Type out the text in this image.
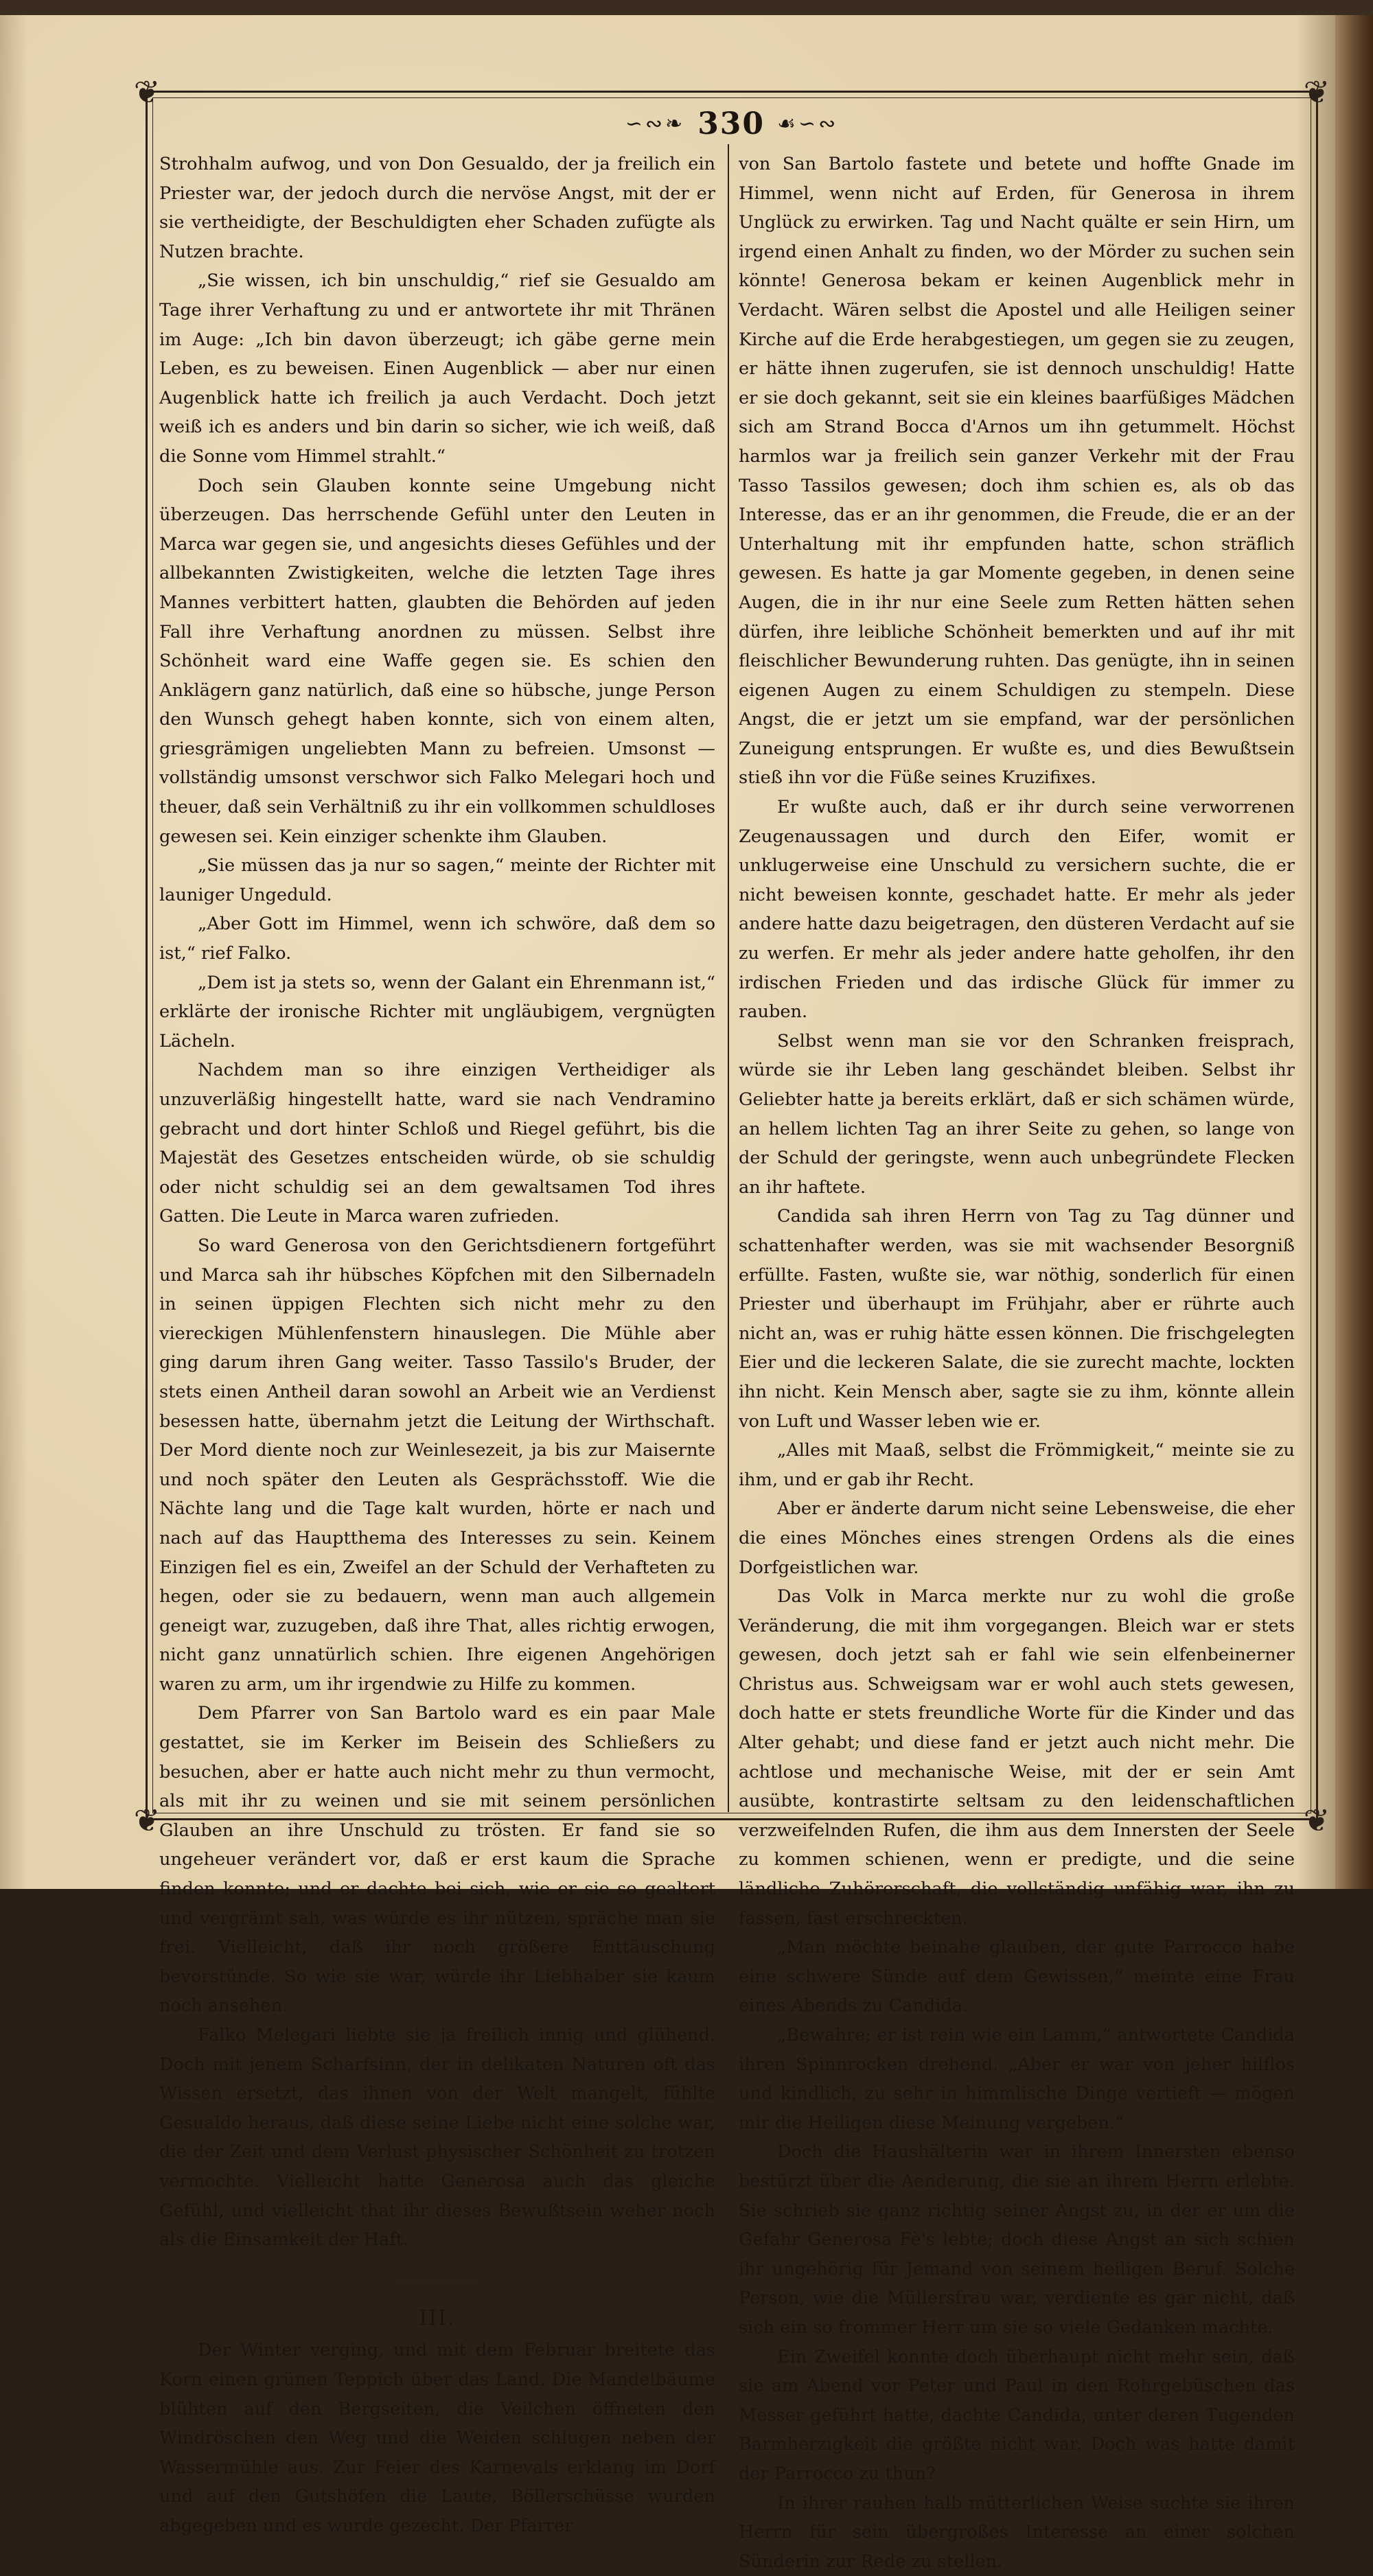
❦	❦
❦	❦
∽∾❧ 330 ☙∽∾

Strohhalm aufwog, und von Don Gesualdo, der ja freilich ein Priester war, der jedoch durch die nervöse Angst, mit der er sie vertheidigte, der Beschuldigten eher Schaden zufügte als Nutzen brachte.

„Sie wissen, ich bin unschuldig,“ rief sie Gesualdo am Tage ihrer Verhaftung zu und er antwortete ihr mit Thränen im Auge: „Ich bin davon überzeugt; ich gäbe gerne mein Leben, es zu beweisen. Einen Augenblick — aber nur einen Augenblick hatte ich freilich ja auch Verdacht. Doch jetzt weiß ich es anders und bin darin so sicher, wie ich weiß, daß die Sonne vom Himmel strahlt.“

Doch sein Glauben konnte seine Umgebung nicht überzeugen. Das herrschende Gefühl unter den Leuten in Marca war gegen sie, und angesichts dieses Gefühles und der allbekannten Zwistigkeiten, welche die letzten Tage ihres Mannes verbittert hatten, glaubten die Behörden auf jeden Fall ihre Verhaftung anordnen zu müssen. Selbst ihre Schönheit ward eine Waffe gegen sie. Es schien den Anklägern ganz natürlich, daß eine so hübsche, junge Person den Wunsch gehegt haben konnte, sich von einem alten, griesgrämigen ungeliebten Mann zu befreien. Umsonst — vollständig umsonst verschwor sich Falko Melegari hoch und theuer, daß sein Verhältniß zu ihr ein vollkommen schuldloses gewesen sei. Kein einziger schenkte ihm Glauben.

„Sie müssen das ja nur so sagen,“ meinte der Richter mit launiger Ungeduld.

„Aber Gott im Himmel, wenn ich schwöre, daß dem so ist,“ rief Falko.

„Dem ist ja stets so, wenn der Galant ein Ehrenmann ist,“ erklärte der ironische Richter mit ungläubigem, vergnügten Lächeln.

Nachdem man so ihre einzigen Vertheidiger als unzuverläßig hingestellt hatte, ward sie nach Vendramino gebracht und dort hinter Schloß und Riegel geführt, bis die Majestät des Gesetzes entscheiden würde, ob sie schuldig oder nicht schuldig sei an dem gewaltsamen Tod ihres Gatten. Die Leute in Marca waren zufrieden.

So ward Generosa von den Gerichtsdienern fortgeführt und Marca sah ihr hübsches Köpfchen mit den Silbernadeln in seinen üppigen Flechten sich nicht mehr zu den viereckigen Mühlenfenstern hinauslegen. Die Mühle aber ging darum ihren Gang weiter. Tasso Tassilo's Bruder, der stets einen Antheil daran sowohl an Arbeit wie an Verdienst besessen hatte, übernahm jetzt die Leitung der Wirthschaft. Der Mord diente noch zur Weinlesezeit, ja bis zur Maisernte und noch später den Leuten als Gesprächsstoff. Wie die Nächte lang und die Tage kalt wurden, hörte er nach und nach auf das Hauptthema des Interesses zu sein. Keinem Einzigen fiel es ein, Zweifel an der Schuld der Verhafteten zu hegen, oder sie zu bedauern, wenn man auch allgemein geneigt war, zuzugeben, daß ihre That, alles richtig erwogen, nicht ganz unnatürlich schien. Ihre eigenen Angehörigen waren zu arm, um ihr irgendwie zu Hilfe zu kommen.

Dem Pfarrer von San Bartolo ward es ein paar Male gestattet, sie im Kerker im Beisein des Schließers zu besuchen, aber er hatte auch nicht mehr zu thun vermocht, als mit ihr zu weinen und sie mit seinem persönlichen Glauben an ihre Unschuld zu trösten. Er fand sie so ungeheuer verändert vor, daß er erst kaum die Sprache finden konnte; und er dachte bei sich, wie er sie so gealtert und vergrämt sah, was würde es ihr nützen, spräche man sie frei. Vielleicht, daß ihr noch größere Enttäuschung bevorstünde. So wie sie war, würde ihr Liebhaber sie kaum noch ansehen.

Falko Melegari liebte sie ja freilich innig und glühend. Doch mit jenem Scharfsinn, der in delikaten Naturen oft das Wissen ersetzt, das ihnen von der Welt mangelt, fühlte Gesualdo heraus, daß diese seine Liebe nicht eine solche war, die der Zeit und dem Verlust physischer Schönheit zu trotzen vermochte. Vielleicht hatte Generosa auch das gleiche Gefühl, und vielleicht that ihr dieses Bewußtsein weher noch als die Einsamkeit der Haft.

III.

Der Winter verging, und mit dem Februar breitete das Korn einen grünen Teppich über das Land. Die Mandelbäume blühten auf den Bergseiten, die Veilchen öffneten den Windröschen den Weg und die Weiden schlugen neben der Wassermühle aus. Zur Feier des Karnevals erklang im Dorf und auf den Gutshöfen die Laute, Böllerschüsse wurden abgegeben und es wurde gezecht. Der Pfarrer

von San Bartolo fastete und betete und hoffte Gnade im Himmel, wenn nicht auf Erden, für Generosa in ihrem Unglück zu erwirken. Tag und Nacht quälte er sein Hirn, um irgend einen Anhalt zu finden, wo der Mörder zu suchen sein könnte! Generosa bekam er keinen Augenblick mehr in Verdacht. Wären selbst die Apostel und alle Heiligen seiner Kirche auf die Erde herabgestiegen, um gegen sie zu zeugen, er hätte ihnen zugerufen, sie ist dennoch unschuldig! Hatte er sie doch gekannt, seit sie ein kleines baarfüßiges Mädchen sich am Strand Bocca d'Arnos um ihn getummelt. Höchst harmlos war ja freilich sein ganzer Verkehr mit der Frau Tasso Tassilos gewesen; doch ihm schien es, als ob das Interesse, das er an ihr genommen, die Freude, die er an der Unterhaltung mit ihr empfunden hatte, schon sträflich gewesen. Es hatte ja gar Momente gegeben, in denen seine Augen, die in ihr nur eine Seele zum Retten hätten sehen dürfen, ihre leibliche Schönheit bemerkten und auf ihr mit fleischlicher Bewunderung ruhten. Das genügte, ihn in seinen eigenen Augen zu einem Schuldigen zu stempeln. Diese Angst, die er jetzt um sie empfand, war der persönlichen Zuneigung entsprungen. Er wußte es, und dies Bewußtsein stieß ihn vor die Füße seines Kruzifixes.

Er wußte auch, daß er ihr durch seine verworrenen Zeugenaussagen und durch den Eifer, womit er unklugerweise eine Unschuld zu versichern suchte, die er nicht beweisen konnte, geschadet hatte. Er mehr als jeder andere hatte dazu beigetragen, den düsteren Verdacht auf sie zu werfen. Er mehr als jeder andere hatte geholfen, ihr den irdischen Frieden und das irdische Glück für immer zu rauben.

Selbst wenn man sie vor den Schranken freisprach, würde sie ihr Leben lang geschändet bleiben. Selbst ihr Geliebter hatte ja bereits erklärt, daß er sich schämen würde, an hellem lichten Tag an ihrer Seite zu gehen, so lange von der Schuld der geringste, wenn auch unbegründete Flecken an ihr haftete.

Candida sah ihren Herrn von Tag zu Tag dünner und schattenhafter werden, was sie mit wachsender Besorgniß erfüllte. Fasten, wußte sie, war nöthig, sonderlich für einen Priester und überhaupt im Frühjahr, aber er rührte auch nicht an, was er ruhig hätte essen können. Die frischgelegten Eier und die leckeren Salate, die sie zurecht machte, lockten ihn nicht. Kein Mensch aber, sagte sie zu ihm, könnte allein von Luft und Wasser leben wie er.

„Alles mit Maaß, selbst die Frömmigkeit,“ meinte sie zu ihm, und er gab ihr Recht.

Aber er änderte darum nicht seine Lebensweise, die eher die eines Mönches eines strengen Ordens als die eines Dorfgeistlichen war.

Das Volk in Marca merkte nur zu wohl die große Veränderung, die mit ihm vorgegangen. Bleich war er stets gewesen, doch jetzt sah er fahl wie sein elfenbeinerner Christus aus. Schweigsam war er wohl auch stets gewesen, doch hatte er stets freundliche Worte für die Kinder und das Alter gehabt; und diese fand er jetzt auch nicht mehr. Die achtlose und mechanische Weise, mit der er sein Amt ausübte, kontrastirte seltsam zu den leidenschaftlichen verzweifelnden Rufen, die ihm aus dem Innersten der Seele zu kommen schienen, wenn er predigte, und die seine ländliche Zuhörerschaft, die vollständig unfähig war, ihn zu fassen, fast erschreckten.

„Man möchte beinahe glauben, der gute Parrocco habe eine schwere Sünde auf dem Gewissen,“ meinte eine Frau eines Abends zu Candida.

„Bewahre; er ist rein wie ein Lamm,“ antwortete Candida ihren Spinnrocken drehend. „Aber er war von jeher hilflos und kindlich, zu sehr in himmlische Dinge vertieft — mögen mir die Heiligen diese Meinung vergeben.“

Doch die Haushälterin war in ihrem Innersten ebenso bestürzt über die Aenderung, die sie an ihrem Herrn erlebte. Sie schrieb sie ganz richtig seiner Angst zu, in der er um die Gefahr Generosa Fè's lebte; doch diese Angst an sich schien ihr ungehörig für Jemand von seinem heiligen Beruf. Solche Person, wie die Müllersfrau war, verdiente es gar nicht, daß sich ein so frommer Herr um sie so viele Gedanken machte.

Ein Zweifel konnte doch überhaupt nicht mehr sein, daß sie am Abend vor Peter und Paul in den Rohrgebüschen das Messer geführt hatte, dachte Candida, unter deren Tugenden Barmherzigkeit die größte nicht war. Doch was hatte damit der Parrocco zu thun?

In ihrer rauhen halb mütterlichen Weise suchte sie ihren Herrn für sein übergroßes Interesse an einer solchen Sünderin zur Rede zu stellen.
